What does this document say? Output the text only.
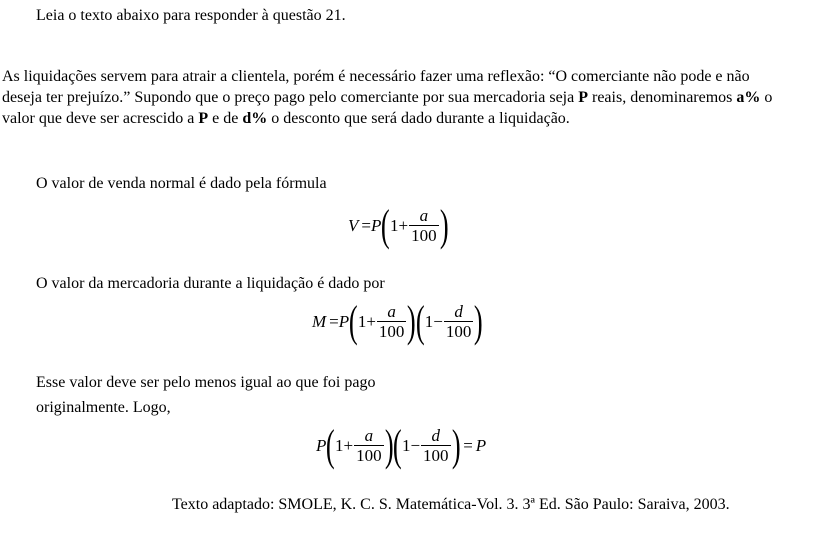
Leia o texto abaixo para responder à questão 21.
As liquidações servem para atrair a clientela, porém é necessário fazer uma reflexão: “O comerciante não pode e não deseja ter prejuízo.” Supondo que o preço pago pelo comerciante por sua mercadoria seja P reais, denominaremos a% o valor que deve ser acrescido a P e de d% o desconto que será dado durante a liquidação.
O valor de venda normal é dado pela fórmula
V = P ( $1 + \frac{a}{100}$ )
O valor da mercadoria durante a liquidação é dado por
M = P ( $1 + \frac{a}{100}$ ) ( $1 - \frac{d}{100}$ )
Esse valor deve ser pelo menos igual ao que foi pago
originalmente. Logo,
P ( $1 + \frac{a}{100}$ ) ( $1 - \frac{d}{100}$ ) = P
Texto adaptado: SMOLE, K. C. S. Matemática-Vol. 3. 3ª Ed. São Paulo: Saraiva, 2003.
